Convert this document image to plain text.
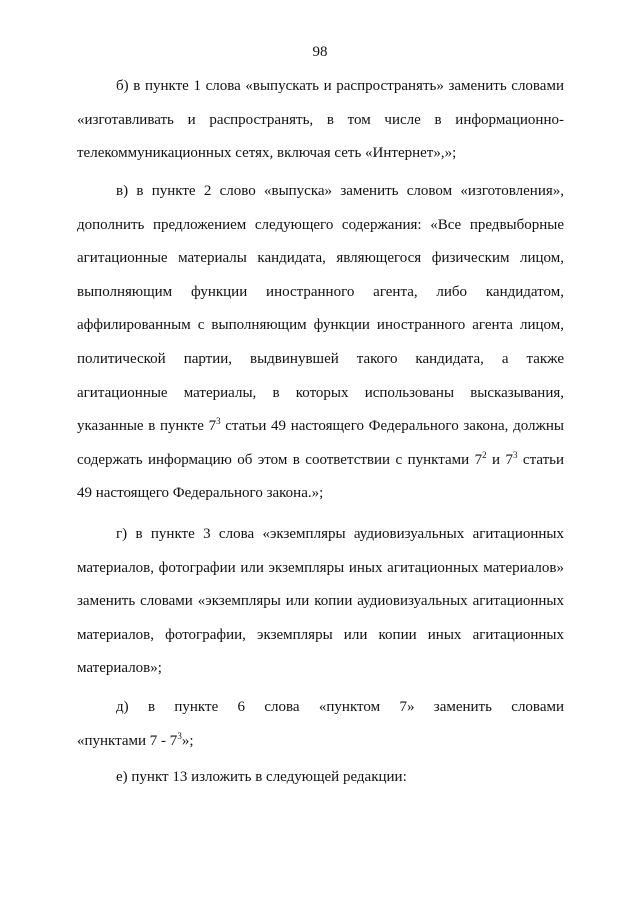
98
б) в пункте 1 слова «выпускать и распространять» заменить словами
«изготавливать и распространять, в том числе в информационно-
телекоммуникационных сетях, включая сеть «Интернет»,»;
в) в пункте 2 слово «выпуска» заменить словом «изготовления»,
дополнить предложением следующего содержания: «Все предвыборные
агитационные материалы кандидата, являющегося физическим лицом,
выполняющим функции иностранного агента, либо кандидатом,
аффилированным с выполняющим функции иностранного агента лицом,
политической партии, выдвинувшей такого кандидата, а также
агитационные материалы, в которых использованы высказывания,
указанные в пункте $7^3$ статьи 49 настоящего Федерального закона, должны
содержать информацию об этом в соответствии с пунктами $7^2$ и $7^3$ статьи
49 настоящего Федерального закона.»;
г) в пункте 3 слова «экземпляры аудиовизуальных агитационных
материалов, фотографии или экземпляры иных агитационных материалов»
заменить словами «экземпляры или копии аудиовизуальных агитационных
материалов, фотографии, экземпляры или копии иных агитационных
материалов»;
д) в пункте 6 слова «пунктом 7» заменить словами
«пунктами $7 - 7^3$»;
е) пункт 13 изложить в следующей редакции:
